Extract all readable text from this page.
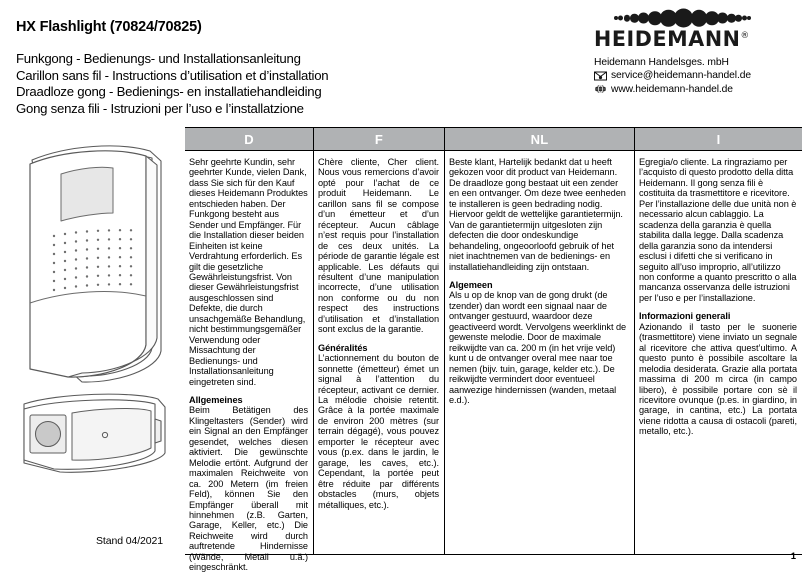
HX Flashlight (70824/70825)
Funkgong - Bedienungs- und Installationsanleitung
Carillon sans fil - Instructions d’utilisation et d’installation
Draadloze gong - Bedienings- en installatiehandleiding
Gong senza fili - Istruzioni per l’uso e l’installatzione
HEIDEMANN®
Heidemann Handelsges. mbH
service@heidemann-handel.de
www.heidemann-handel.de
Stand 04/2021
1
D

Sehr geehrte Kundin, sehr geehrter Kunde, vielen Dank, dass Sie sich für den Kauf dieses Heidemann Produktes entschieden haben. Der Funkgong besteht aus Sender und Empfänger. Für die Installation dieser beiden Einheiten ist keine Verdrahtung erforderlich. Es gilt die gesetzliche Gewährleistungsfrist. Von dieser Gewährleistungsfrist ausgeschlossen sind Defekte, die durch unsachgemäße Behandlung, nicht bestimmungsgemäßer Verwendung oder Missachtung der Bedienungs- und Installationsanleitung eingetreten sind.

Allgemeines

Beim Betätigen des Klingeltasters (Sender) wird ein Signal an den Empfänger gesendet, welches diesen aktiviert. Die gewünschte Melodie ertönt. Aufgrund der maximalen Reichweite von ca. 200 Metern (im freien Feld), können Sie den Empfänger überall mit hinnehmen (z.B. Garten, Garage, Keller, etc.) Die Reichweite wird durch auftretende Hindernisse (Wände, Metall u.ä.) eingeschränkt.

F

Chère cliente, Cher client. Nous vous remercions d’avoir opté pour l’achat de ce produit Heidemann. Le carillon sans fil se compose d’un émetteur et d’un récepteur. Aucun câblage n’est requis pour l’installation de ces deux unités. La période de garantie légale est applicable. Les défauts qui résultent d’une manipulation incorrecte, d’une utilisation non conforme ou du non respect des instructions d’utilisation et d’installation sont exclus de la garantie.

Généralités

L’actionnement du bouton de sonnette (émetteur) émet un signal à l’attention du récepteur, activant ce dernier. La mélodie choisie retentit. Grâce à la portée maximale de environ 200 mètres (sur terrain dégagé), vous pouvez emporter le récepteur avec vous (p.ex. dans le jardin, le garage, les caves, etc.). Cependant, la portée peut être réduite par différents obstacles (murs, objets métalliques, etc.).

NL

Beste klant, Hartelijk bedankt dat u heeft gekozen voor dit product van Heidemann. De draadloze gong bestaat uit een zender en een ontvanger. Om deze twee eenheden te installeren is geen bedrading nodig. Hiervoor geldt de wettelijke garantietermijn. Van de garantietermijn uitgesloten zijn defecten die door ondeskundige behandeling, ongeoorloofd gebruik of het niet inachtnemen van de bedienings- en installatiehandleiding zijn ontstaan.

Algemeen

Als u op de knop van de gong drukt (de tzender) dan wordt een signaal naar de ontvanger gestuurd, waardoor deze geactiveerd wordt. Vervolgens weerklinkt de gewenste melodie. Door de maximale reikwijdte van ca. 200 m (in het vrije veld) kunt u de ontvanger overal mee naar toe nemen (bijv. tuin, garage, kelder etc.). De reikwijdte vermindert door eventueel aanwezige hindernissen (wanden, metaal e.d.).

I

Egregia/o cliente. La ringraziamo per l’acquisto di questo prodotto della ditta Heidemann. Il gong senza fili è costituita da trasmettitore e ricevitore. Per l’installazione delle due unità non è necessario alcun cablaggio. La scadenza della garanzia è quella stabilita dalla legge. Dalla scadenza della garanzia sono da intendersi esclusi i difetti che si verificano in seguito all’uso improprio, all’utilizzo non conforme a quanto prescritto o alla mancanza osservanza delle istruzioni per l’uso e per l’installazione.

Informazioni generali

Azionando il tasto per le suonerie (trasmettitore) viene inviato un segnale al ricevitore che attiva quest’ultimo. A questo punto è possibile ascoltare la melodia desiderata. Grazie alla portata massima di 200 m circa (in campo libero), è possibile portare con sè il ricevitore ovunque (p.es. in giardino, in garage, in cantina, etc.) La portata viene ridotta a causa di ostacoli (pareti, metallo, etc.).
